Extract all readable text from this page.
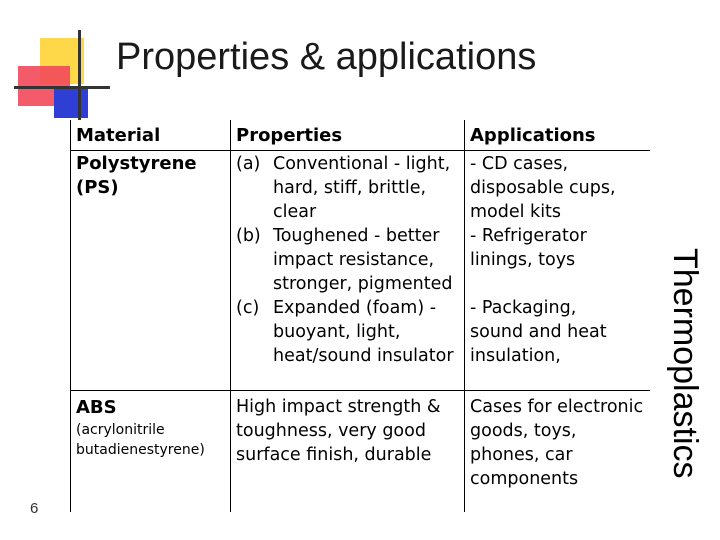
Properties & applications
Thermoplastics
6
Material	Properties	Applications
Polystyrene
(PS)
(a) Conventional - light,
hard, stiff, brittle,
clear
(b) Toughened - better
impact resistance,
stronger, pigmented
(c) Expanded (foam) -
buoyant, light,
heat/sound insulator
- CD cases,
disposable cups,
model kits
- Refrigerator
linings, toys
- Packaging,
sound and heat
insulation,
ABS
(acrylonitrile
butadienestyrene)
High impact strength &
toughness, very good
surface finish, durable
Cases for electronic
goods, toys,
phones, car
components
